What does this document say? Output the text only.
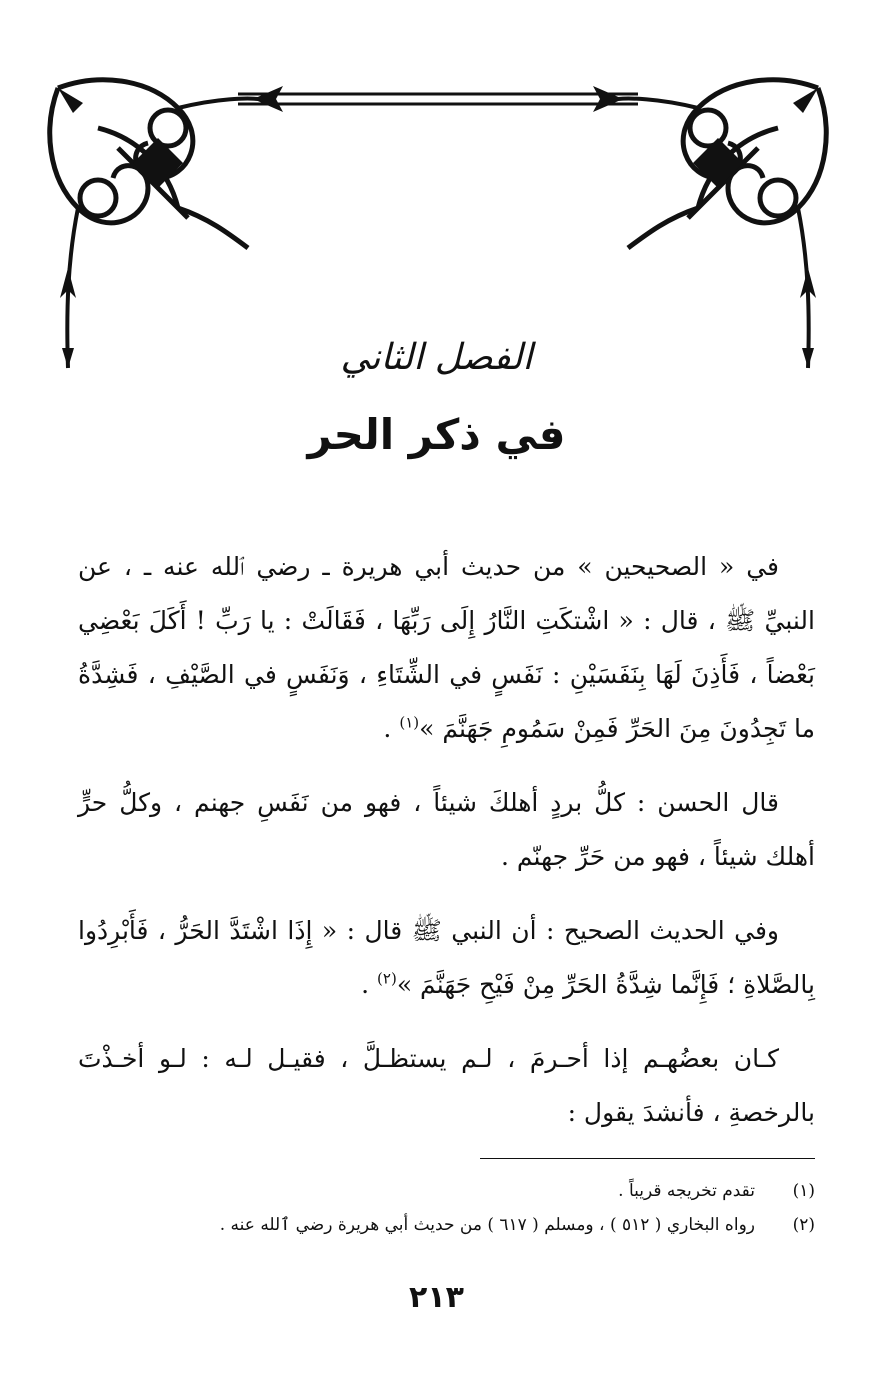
الفصل الثاني
في ذكر الحر

في « الصحيحين » من حديث أبي هريرة ـ رضي ٱلله عنه ـ ، عن النبيِّ ﷺ ، قال : « اشْتكَتِ النَّارُ إِلَى رَبِّهَا ، فَقَالَتْ : يا رَبِّ ! أَكَلَ بَعْضِي بَعْضاً ، فَأَذِنَ لَهَا بِنَفَسَيْنِ : نَفَسٍ في الشِّتَاءِ ، وَنَفَسٍ في الصَّيْفِ ، فَشِدَّةُ ما تَجِدُونَ مِنَ الحَرِّ فَمِنْ سَمُومِ جَهَنَّمَ »$^{(١)}$ .

قال الحسن : كلُّ بردٍ أهلكَ شيئاً ، فهو من نَفَسِ جهنم ، وكلُّ حرٍّ أهلك شيئاً ، فهو من حَرِّ جهنّم .

وفي الحديث الصحيح : أن النبي ﷺ قال : « إِذَا اشْتَدَّ الحَرُّ ، فَأَبْرِدُوا بِالصَّلاةِ ؛ فَإِنَّما شِدَّةُ الحَرِّ مِنْ فَيْحِ جَهَنَّمَ »$^{(٢)}$ .

كـان بعضُهـم إذا أحـرمَ ، لـم يستظـلَّ ، فقيـل لـه : لـو أخـذْتَ بالرخصةِ ، فأنشدَ يقول :

(١)
تقدم تخريجه قريباً .
(٢)
رواه البخاري ( ٥١٢ ) ، ومسلم ( ٦١٧ ) من حديث أبي هريرة رضي ٱلله عنه .
٢١٣
